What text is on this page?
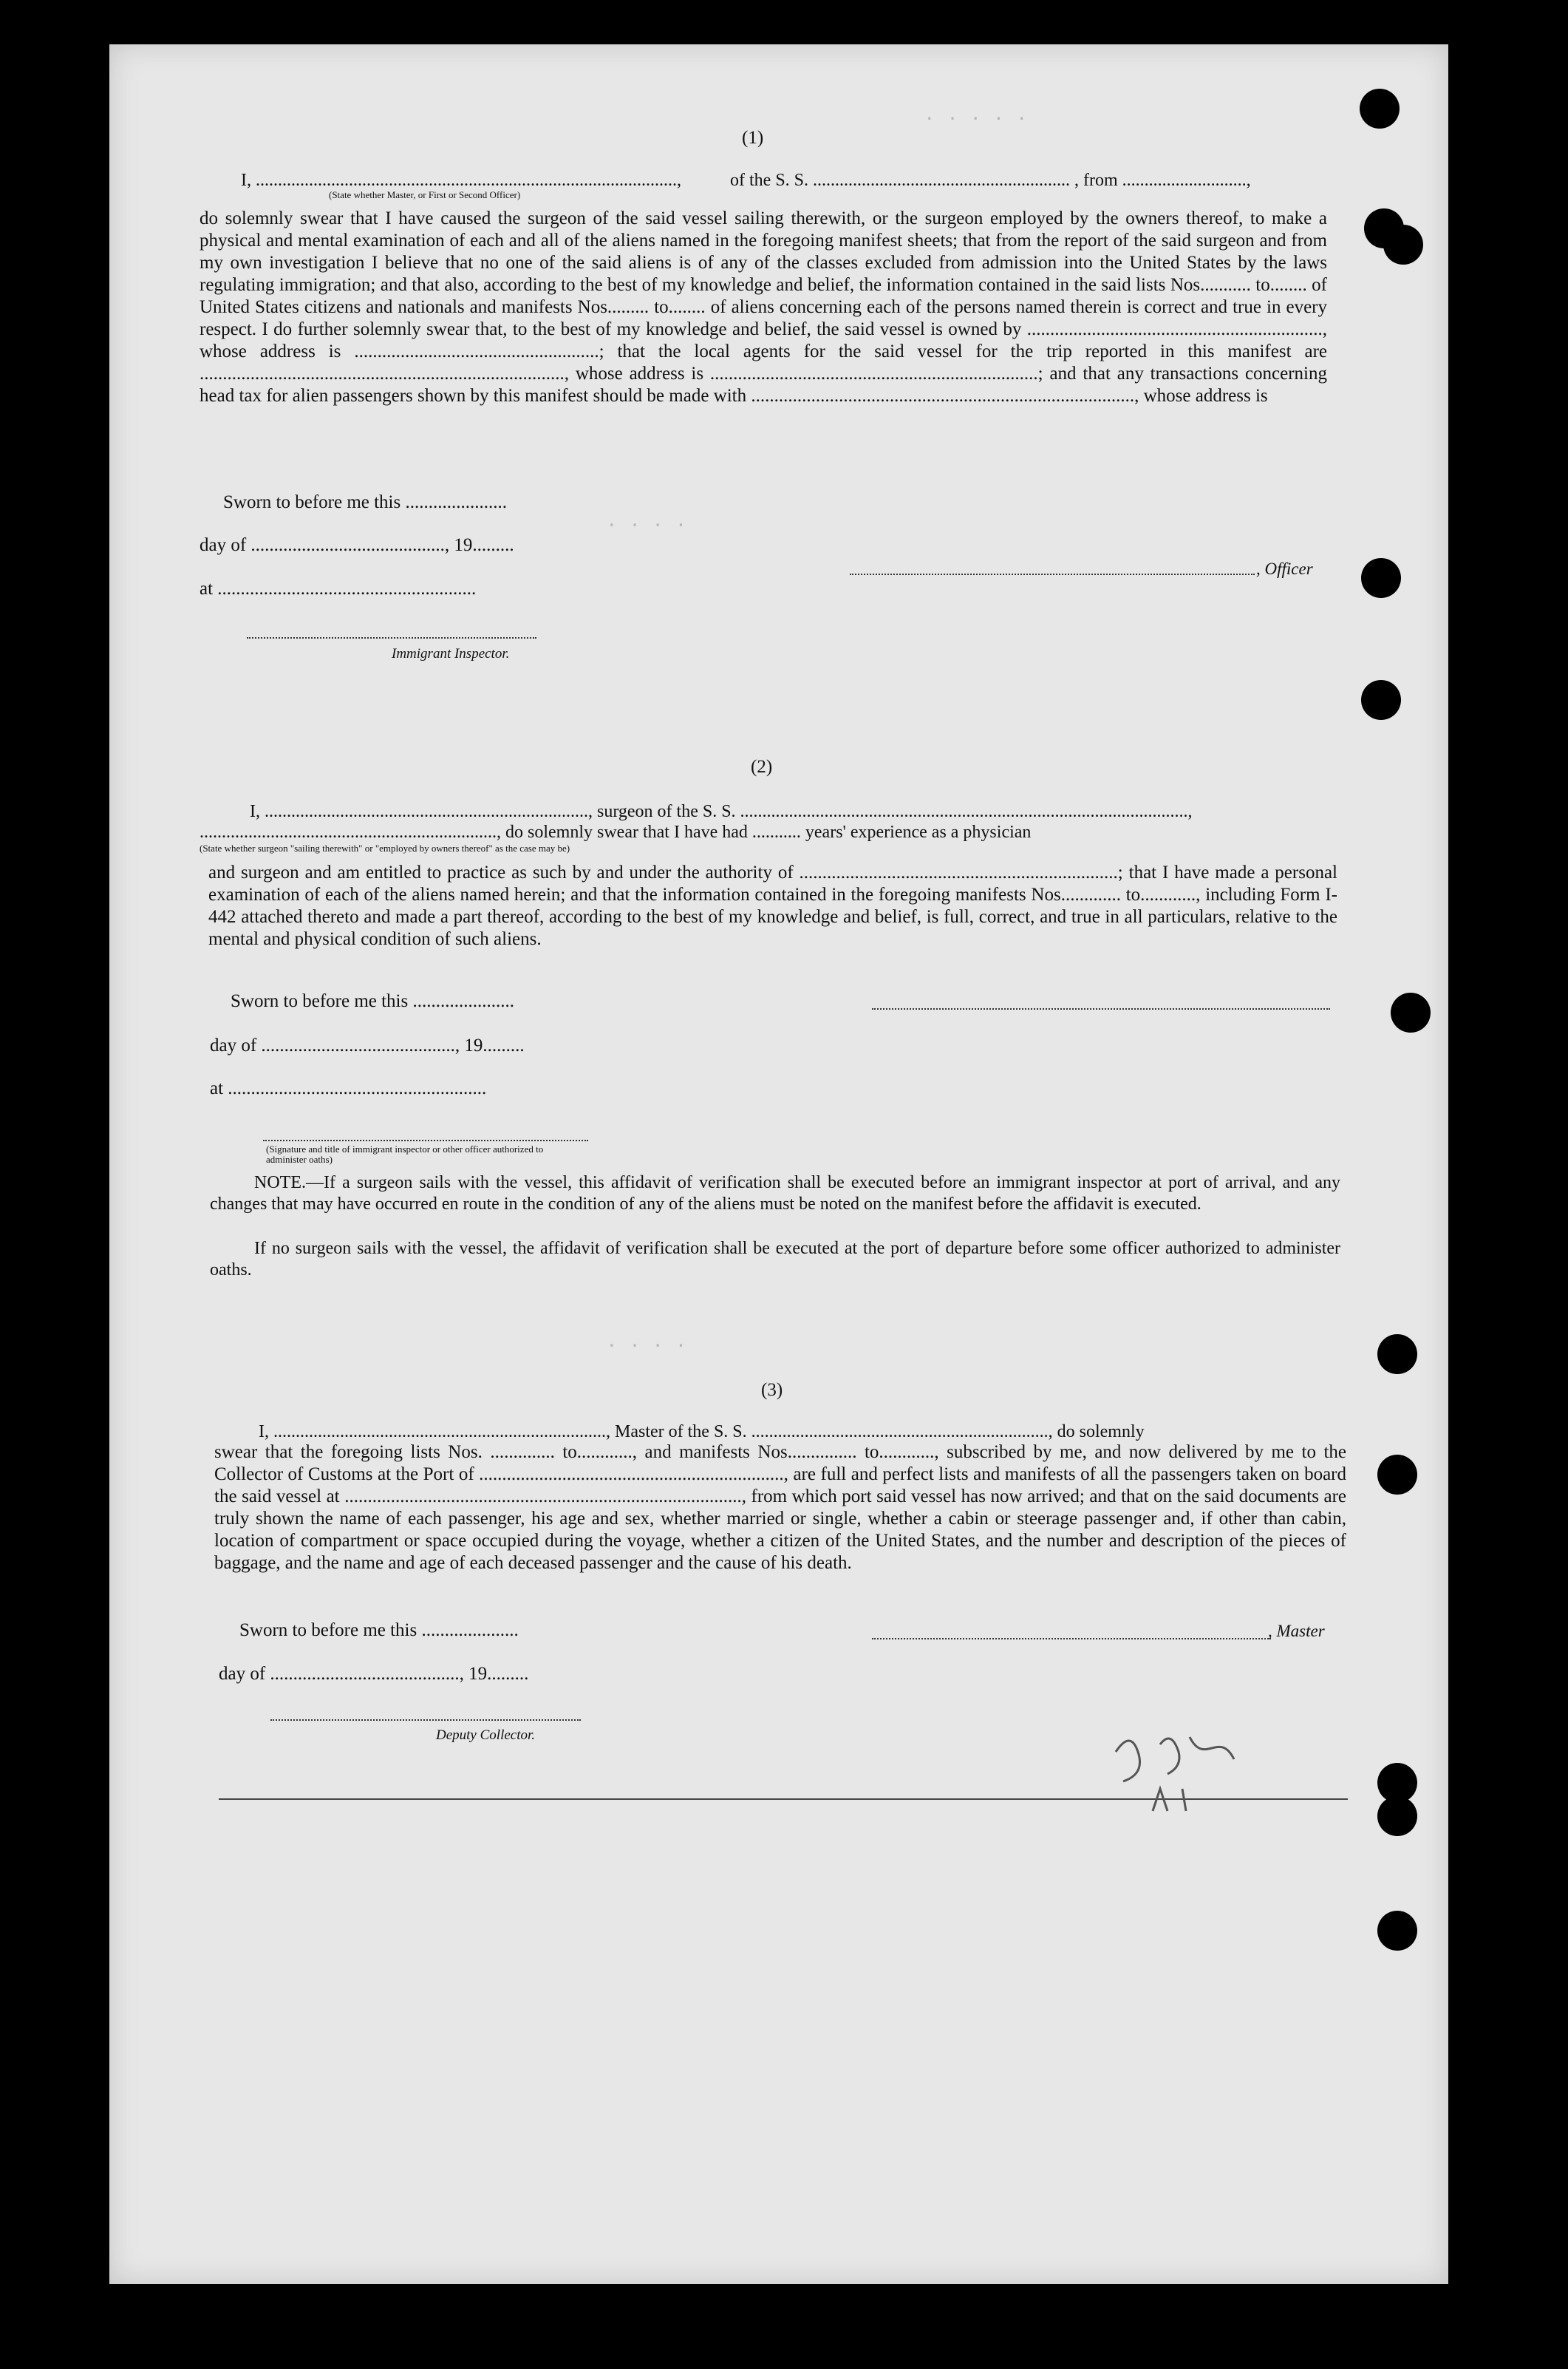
. . . . .
. . . .
. . . .
(1)
I, ...............................................................................................,	of the S. S. .......................................................... , from ............................,
(State whether Master, or First or Second Officer)
do solemnly swear that I have caused the surgeon of the said vessel sailing therewith, or the surgeon employed by the owners thereof, to make a physical and mental examination of each and all of the aliens named in the foregoing manifest sheets; that from the report of the said surgeon and from my own investigation I believe that no one of the said aliens is of any of the classes excluded from admission into the United States by the laws regulating immigration; and that also, according to the best of my knowledge and belief, the information contained in the said lists Nos........... to........ of United States citizens and nationals and manifests Nos......... to........ of aliens concerning each of the persons named therein is correct and true in every respect. I do further solemnly swear that, to the best of my knowledge and belief, the said vessel is owned by ................................................................, whose address is .....................................................; that the local agents for the said vessel for the trip reported in this manifest are ..............................................................................., whose address is .......................................................................; and that any transactions concerning head tax for alien passengers shown by this manifest should be made with ..................................................................................., whose address is
Sworn to before me this ......................
day of .........................................., 19.........
at ........................................................
Immigrant Inspector.
, Officer
(2)
I, ........................................................................., surgeon of the S. S. .....................................................................................................,
..................................................................., do solemnly swear that I have had ........... years' experience as a physician
(State whether surgeon "sailing therewith" or "employed by owners thereof" as the case may be)
and surgeon and am entitled to practice as such by and under the authority of .....................................................................; that I have made a personal examination of each of the aliens named herein; and that the information contained in the foregoing manifests Nos............. to............, including Form I-442 attached thereto and made a part thereof, according to the best of my knowledge and belief, is full, correct, and true in all particulars, relative to the mental and physical condition of such aliens.
Sworn to before me this ......................
day of .........................................., 19.........
at ........................................................
(Signature and title of immigrant inspector or other officer authorized to administer oaths)
NOTE.—If a surgeon sails with the vessel, this affidavit of verification shall be executed before an immigrant inspector at port of arrival, and any changes that may have occurred en route in the condition of any of the aliens must be noted on the manifest before the affidavit is executed.
If no surgeon sails with the vessel, the affidavit of verification shall be executed at the port of departure before some officer authorized to administer oaths.
(3)
I, ..........................................................................., Master of the S. S. ..................................................................., do solemnly
swear that the foregoing lists Nos. .............. to............, and manifests Nos............... to............, subscribed by me, and now delivered by me to the Collector of Customs at the Port of .................................................................., are full and perfect lists and manifests of all the passengers taken on board the said vessel at ......................................................................................, from which port said vessel has now arrived; and that on the said documents are truly shown the name of each passenger, his age and sex, whether married or single, whether a cabin or steerage passenger and, if other than cabin, location of compartment or space occupied during the voyage, whether a citizen of the United States, and the number and description of the pieces of baggage, and the name and age of each deceased passenger and the cause of his death.
Sworn to before me this .....................	, Master
day of ........................................., 19.........
Deputy Collector.
